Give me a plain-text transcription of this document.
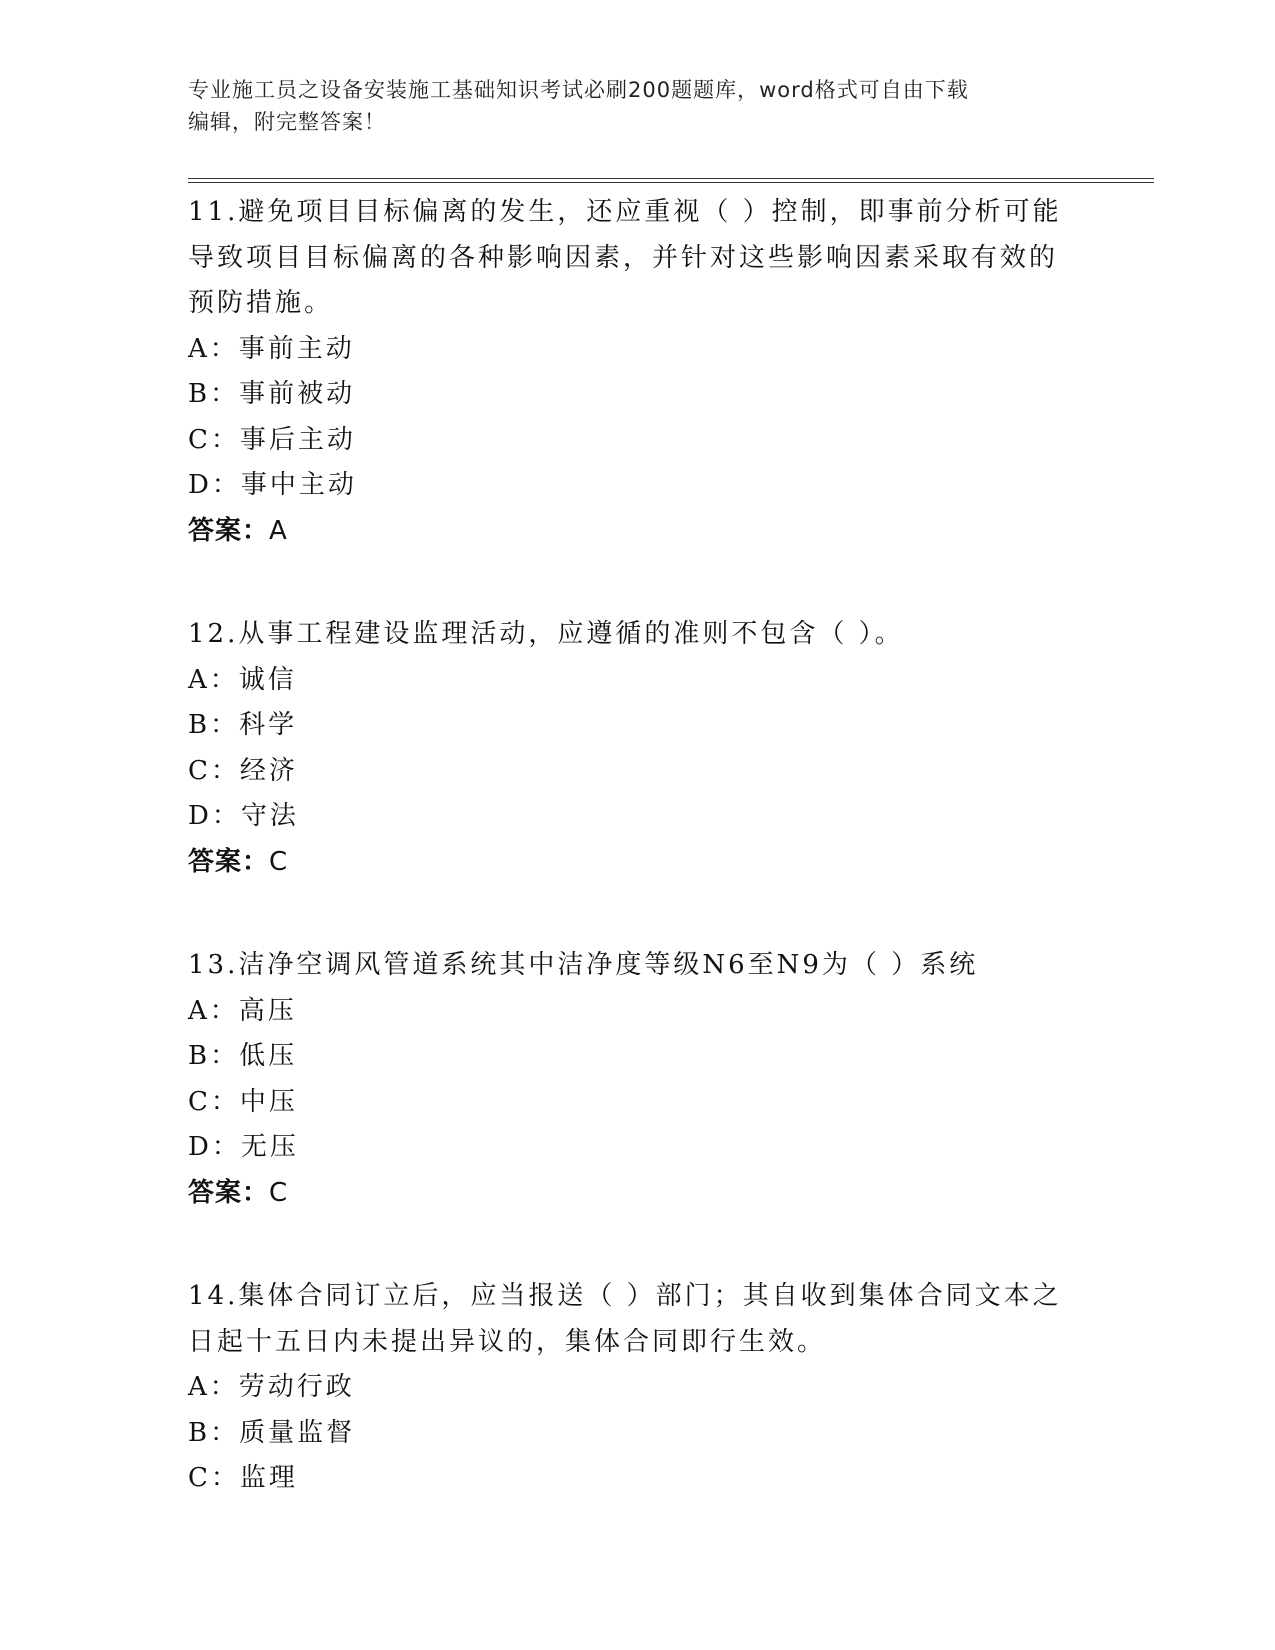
专业施工员之设备安装施工基础知识考试必刷200题题库，word格式可自由下载
编辑，附完整答案！
11.避免项目目标偏离的发生，还应重视（ ）控制，即事前分析可能
导致项目目标偏离的各种影响因素，并针对这些影响因素采取有效的
预防措施。
A：事前主动
B：事前被动
C：事后主动
D：事中主动
答案：A
12.从事工程建设监理活动，应遵循的准则不包含（ ）。
A：诚信
B：科学
C：经济
D：守法
答案：C
13.洁净空调风管道系统其中洁净度等级N6至N9为（ ）系统
A：高压
B：低压
C：中压
D：无压
答案：C
14.集体合同订立后，应当报送（ ）部门；其自收到集体合同文本之
日起十五日内未提出异议的，集体合同即行生效。
A：劳动行政
B：质量监督
C：监理
